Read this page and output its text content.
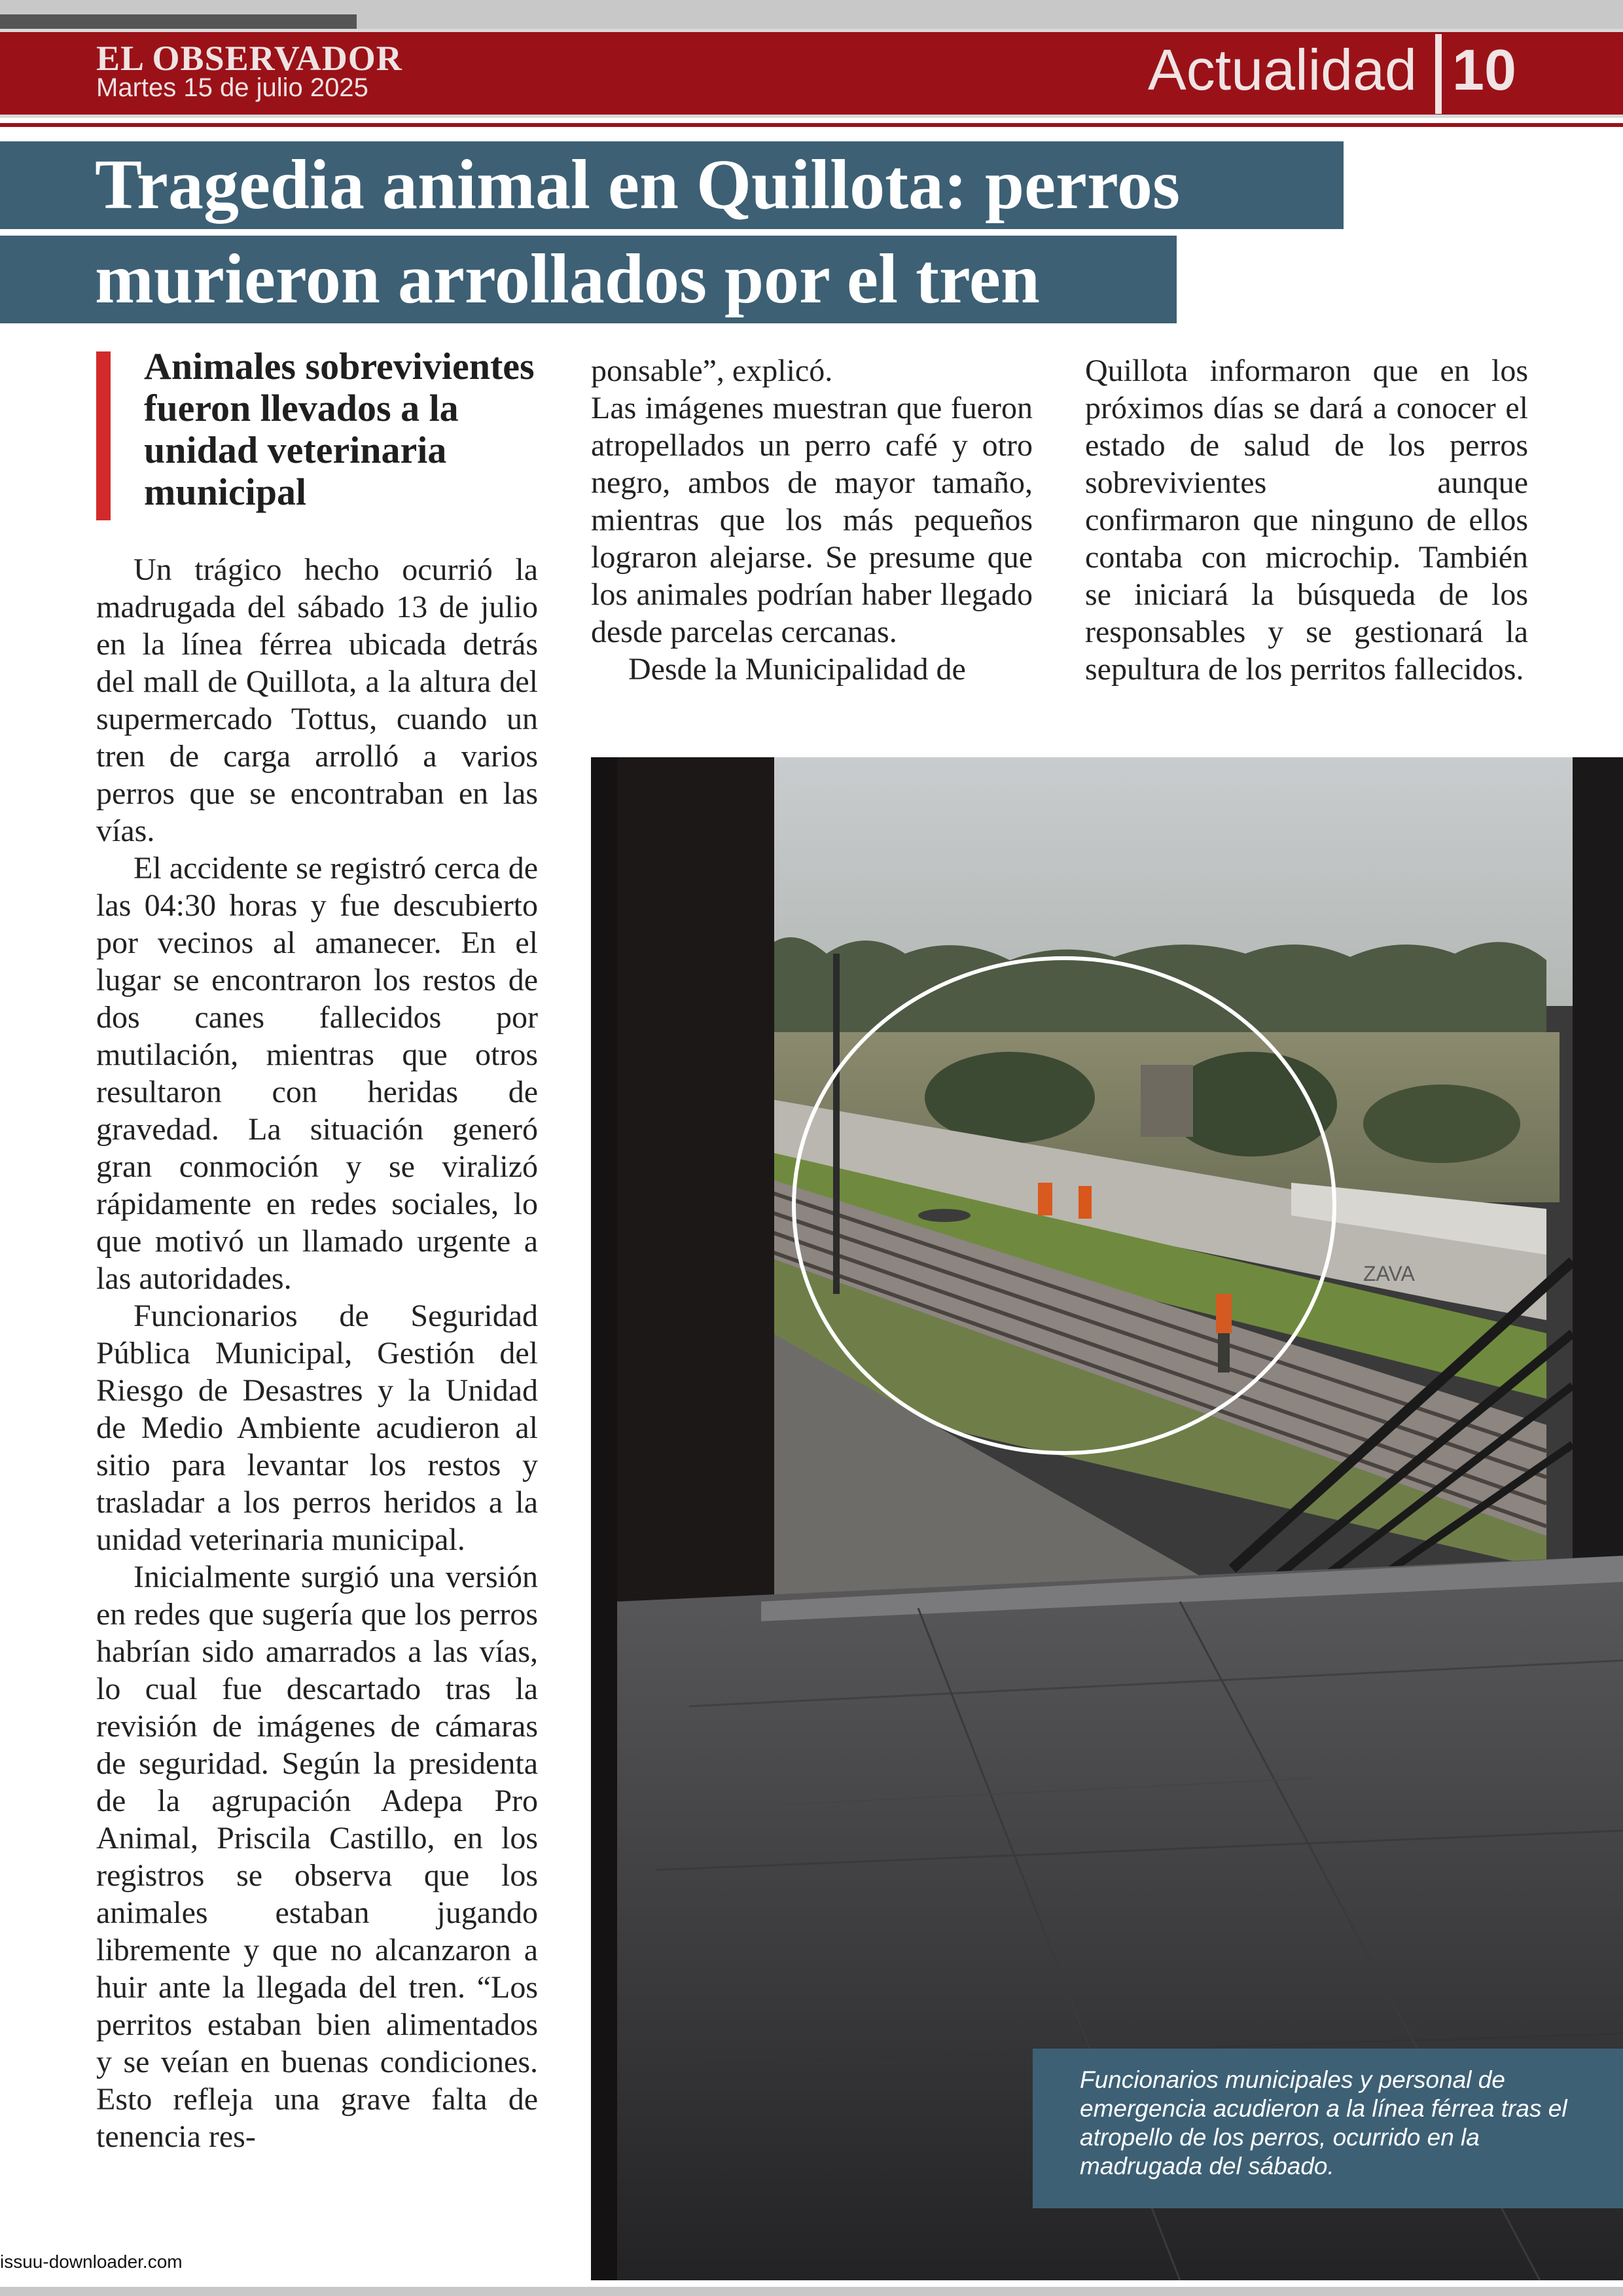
EL OBSERVADOR
Martes 15 de julio 2025	Actualidad 10
Tragedia animal en Quillota: perros
murieron arrollados por el tren
Animales sobrevivientes fueron llevados a la unidad veterinaria municipal

Un trágico hecho ocurrió la madrugada del sábado 13 de julio en la línea férrea ubicada detrás del mall de Quillota, a la altura del supermercado Tottus, cuando un tren de carga arrolló a varios perros que se encontraban en las vías.

El accidente se registró cerca de las 04:30 horas y fue descubierto por vecinos al amanecer. En el lugar se encontraron los restos de dos canes fallecidos por mutilación, mientras que otros resultaron con heridas de gravedad. La situación generó gran conmoción y se viralizó rápidamente en redes sociales, lo que motivó un llamado urgente a las autoridades.

Funcionarios de Seguridad Pública Municipal, Gestión del Riesgo de Desastres y la Unidad de Medio Ambiente acudieron al sitio para levantar los restos y trasladar a los perros heridos a la unidad veterinaria municipal.

Inicialmente surgió una versión en redes que sugería que los perros habrían sido amarrados a las vías, lo cual fue descartado tras la revisión de imágenes de cámaras de seguridad. Según la presidenta de la agrupación Adepa Pro Animal, Priscila Castillo, en los registros se observa que los animales estaban jugando libremente y que no alcanzaron a huir ante la llegada del tren. “Los perritos estaban bien alimentados y se veían en buenas condiciones. Esto refleja una grave falta de tenencia res-

ponsable”, explicó.

Las imágenes muestran que fueron atropellados un perro café y otro negro, ambos de mayor tamaño, mientras que los más pequeños lograron alejarse. Se presume que los animales podrían haber llegado desde parcelas cercanas.

Desde la Municipalidad de

Quillota informaron que en los próximos días se dará a conocer el estado de salud de los perros sobrevivientes aunque confirmaron que ninguno de ellos contaba con microchip. También se iniciará la búsqueda de los responsables y se gestionará la sepultura de los perritos fallecidos.

ZAVA
Funcionarios municipales y personal de emergencia acudieron a la línea férrea tras el atropello de los perros, ocurrido en la madrugada del sábado.
issuu-downloader.com
